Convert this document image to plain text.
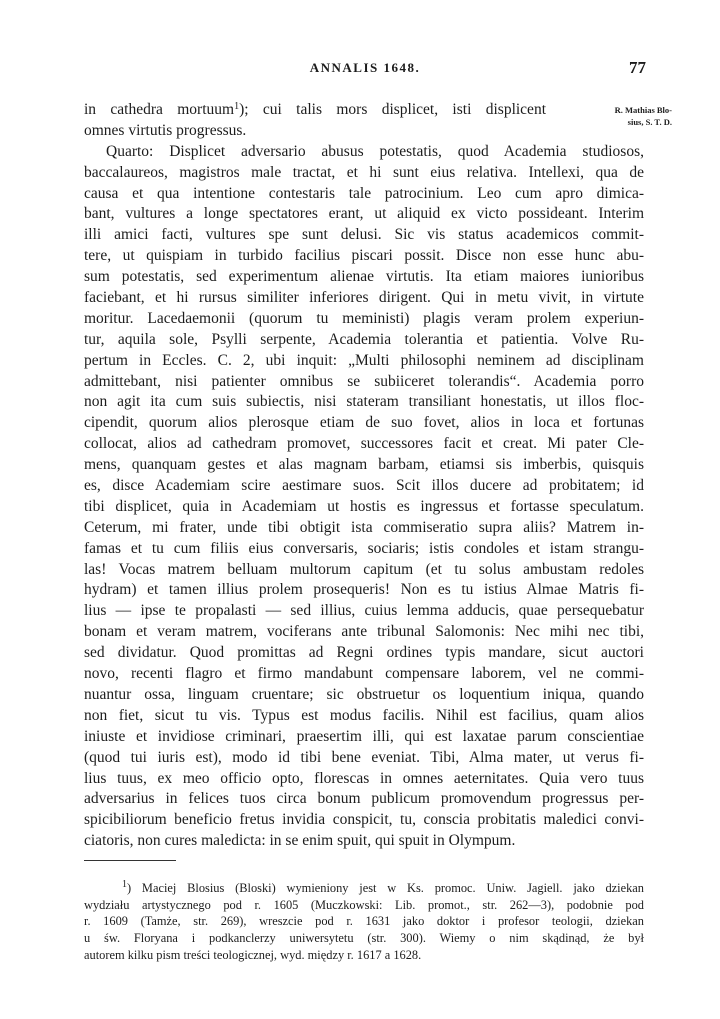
ANNALIS 1648.	77
R. Mathias Blo-
sius, S. T. D.
in cathedra mortuum$^1$); cui talis mors displicet, isti displicent
omnes virtutis progressus.
Quarto: Displicet adversario abusus potestatis, quod Academia studiosos,
baccalaureos, magistros male tractat, et hi sunt eius relativa. Intellexi, qua de
causa et qua intentione contestaris tale patrocinium. Leo cum apro dimica-
bant, vultures a longe spectatores erant, ut aliquid ex victo possideant. Interim
illi amici facti, vultures spe sunt delusi. Sic vis status academicos commit-
tere, ut quispiam in turbido facilius piscari possit. Disce non esse hunc abu-
sum potestatis, sed experimentum alienae virtutis. Ita etiam maiores iunioribus
faciebant, et hi rursus similiter inferiores dirigent. Qui in metu vivit, in virtute
moritur. Lacedaemonii (quorum tu meministi) plagis veram prolem experiun-
tur, aquila sole, Psylli serpente, Academia tolerantia et patientia. Volve Ru-
pertum in Eccles. C. 2, ubi inquit: „Multi philosophi neminem ad disciplinam
admittebant, nisi patienter omnibus se subiiceret tolerandis“. Academia porro
non agit ita cum suis subiectis, nisi stateram transiliant honestatis, ut illos floc-
cipendit, quorum alios plerosque etiam de suo fovet, alios in loca et fortunas
collocat, alios ad cathedram promovet, successores facit et creat. Mi pater Cle-
mens, quanquam gestes et alas magnam barbam, etiamsi sis imberbis, quisquis
es, disce Academiam scire aestimare suos. Scit illos ducere ad probitatem; id
tibi displicet, quia in Academiam ut hostis es ingressus et fortasse speculatum.
Ceterum, mi frater, unde tibi obtigit ista commiseratio supra aliis? Matrem in-
famas et tu cum filiis eius conversaris, sociaris; istis condoles et istam strangu-
las! Vocas matrem belluam multorum capitum (et tu solus ambustam redoles
hydram) et tamen illius prolem prosequeris! Non es tu istius Almae Matris fi-
lius — ipse te propalasti — sed illius, cuius lemma adducis, quae persequebatur
bonam et veram matrem, vociferans ante tribunal Salomonis: Nec mihi nec tibi,
sed dividatur. Quod promittas ad Regni ordines typis mandare, sicut auctori
novo, recenti flagro et firmo mandabunt compensare laborem, vel ne commi-
nuantur ossa, linguam cruentare; sic obstruetur os loquentium iniqua, quando
non fiet, sicut tu vis. Typus est modus facilis. Nihil est facilius, quam alios
iniuste et invidiose criminari, praesertim illi, qui est laxatae parum conscientiae
(quod tui iuris est), modo id tibi bene eveniat. Tibi, Alma mater, ut verus fi-
lius tuus, ex meo officio opto, florescas in omnes aeternitates. Quia vero tuus
adversarius in felices tuos circa bonum publicum promovendum progressus per-
spicibiliorum beneficio fretus invidia conspicit, tu, conscia probitatis maledici convi-
ciatoris, non cures maledicta: in se enim spuit, qui spuit in Olympum.
$^1$) Maciej Blosius (Bloski) wymieniony jest w Ks. promoc. Uniw. Jagiell. jako dziekan
wydziału artystycznego pod r. 1605 (Muczkowski: Lib. promot., str. 262—3), podobnie pod
r. 1609 (Tamże, str. 269), wreszcie pod r. 1631 jako doktor i profesor teologii, dziekan
u św. Floryana i podkanclerzy uniwersytetu (str. 300). Wiemy o nim skądinąd, że był
autorem kilku pism treści teologicznej, wyd. między r. 1617 a 1628.
